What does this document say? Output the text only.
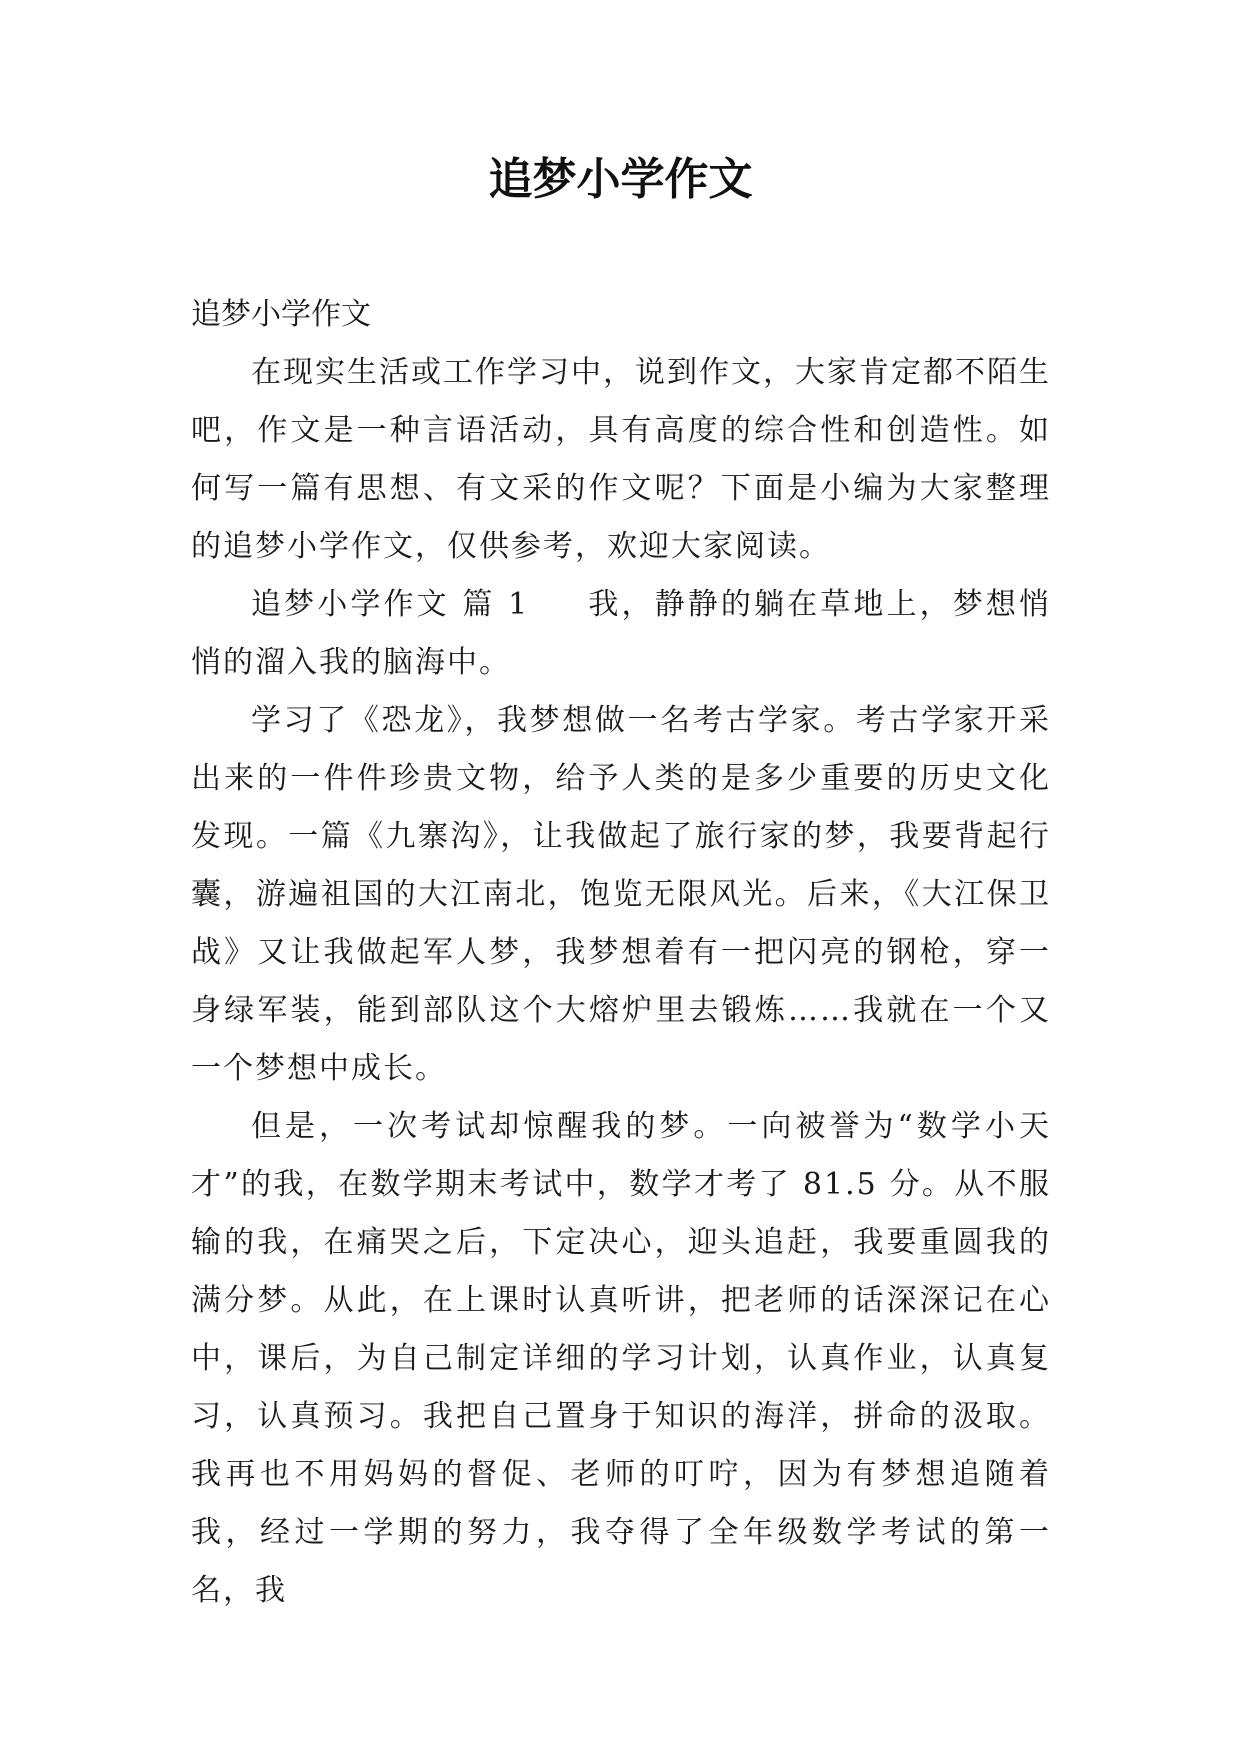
追梦小学作文

追梦小学作文

在现实生活或工作学习中，说到作文，大家肯定都不陌生吧，作文是一种言语活动，具有高度的综合性和创造性。如何写一篇有思想、有文采的作文呢？下面是小编为大家整理的追梦小学作文，仅供参考，欢迎大家阅读。

追梦小学作文 篇 1 我，静静的躺在草地上，梦想悄悄的溜入我的脑海中。

学习了《恐龙》，我梦想做一名考古学家。考古学家开采出来的一件件珍贵文物，给予人类的是多少重要的历史文化发现。一篇《九寨沟》，让我做起了旅行家的梦，我要背起行囊，游遍祖国的大江南北，饱览无限风光。后来，《大江保卫战》又让我做起军人梦，我梦想着有一把闪亮的钢枪，穿一身绿军装，能到部队这个大熔炉里去锻炼……我就在一个又一个梦想中成长。

但是，一次考试却惊醒我的梦。一向被誉为“数学小天才”的我，在数学期末考试中，数学才考了 81.5 分。从不服输的我，在痛哭之后，下定决心，迎头追赶，我要重圆我的满分梦。从此，在上课时认真听讲，把老师的话深深记在心中，课后，为自己制定详细的学习计划，认真作业，认真复习，认真预习。我把自己置身于知识的海洋，拼命的汲取。我再也不用妈妈的督促、老师的叮咛，因为有梦想追随着我，经过一学期的努力，我夺得了全年级数学考试的第一名，我
